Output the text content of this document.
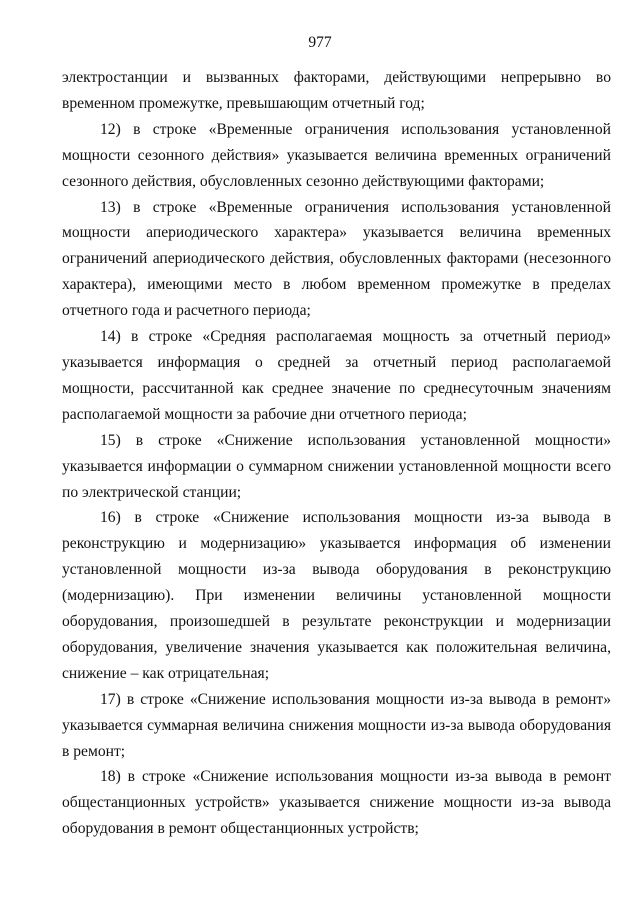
977

электростанции и вызванных факторами, действующими непрерывно во временном промежутке, превышающим отчетный год;

12) в строке «Временные ограничения использования установленной мощности сезонного действия» указывается величина временных ограничений сезонного действия, обусловленных сезонно действующими факторами;

13) в строке «Временные ограничения использования установленной мощности апериодического характера» указывается величина временных ограничений апериодического действия, обусловленных факторами (несезонного характера), имеющими место в любом временном промежутке в пределах отчетного года и расчетного периода;

14) в строке «Средняя располагаемая мощность за отчетный период» указывается информация о средней за отчетный период располагаемой мощности, рассчитанной как среднее значение по среднесуточным значениям располагаемой мощности за рабочие дни отчетного периода;

15) в строке «Снижение использования установленной мощности» указывается информации о суммарном снижении установленной мощности всего по электрической станции;

16) в строке «Снижение использования мощности из-за вывода в реконструкцию и модернизацию» указывается информация об изменении установленной мощности из-за вывода оборудования в реконструкцию (модернизацию). При изменении величины установленной мощности оборудования, произошедшей в результате реконструкции и модернизации оборудования, увеличение значения указывается как положительная величина, снижение – как отрицательная;

17) в строке «Снижение использования мощности из-за вывода в ремонт» указывается суммарная величина снижения мощности из-за вывода оборудования в ремонт;

18) в строке «Снижение использования мощности из-за вывода в ремонт общестанционных устройств» указывается снижение мощности из-за вывода оборудования в ремонт общестанционных устройств;
